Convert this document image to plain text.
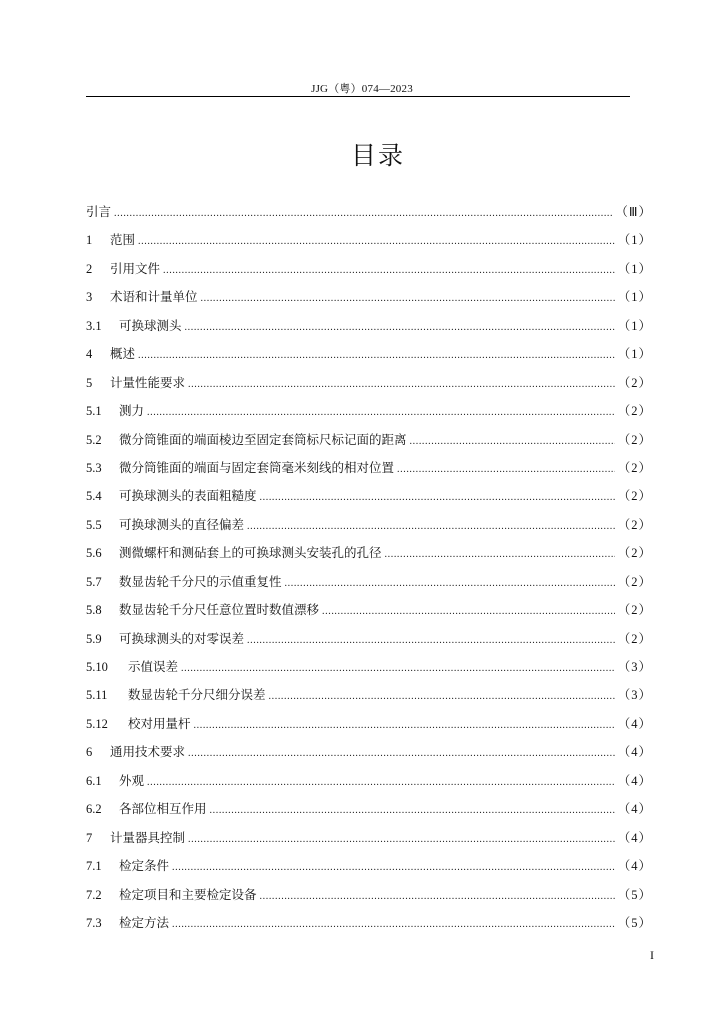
JJG（粤）074—2023
目录
引言 .....	（Ⅲ）
1	范围 .....	（1）
2	引用文件 .....	（1）
3	术语和计量单位 .....	（1）
3.1	可换球测头 .....	（1）
4	概述 .....	（1）
5	计量性能要求 .....	（2）
5.1	测力 .....	（2）
5.2	微分筒锥面的端面棱边至固定套筒标尺标记面的距离 .....	（2）
5.3	微分筒锥面的端面与固定套筒毫米刻线的相对位置 .....	（2）
5.4	可换球测头的表面粗糙度 .....	（2）
5.5	可换球测头的直径偏差 .....	（2）
5.6	测微螺杆和测砧套上的可换球测头安装孔的孔径 .....	（2）
5.7	数显齿轮千分尺的示值重复性 .....	（2）
5.8	数显齿轮千分尺任意位置时数值漂移 .....	（2）
5.9	可换球测头的对零误差 .....	（2）
5.10	示值误差 .....	（3）
5.11	数显齿轮千分尺细分误差 .....	（3）
5.12	校对用量杆 .....	（4）
6	通用技术要求 .....	（4）
6.1	外观 .....	（4）
6.2	各部位相互作用 .....	（4）
7	计量器具控制 .....	（4）
7.1	检定条件 .....	（4）
7.2	检定项目和主要检定设备 .....	（5）
7.3	检定方法 .....	（5）
I
